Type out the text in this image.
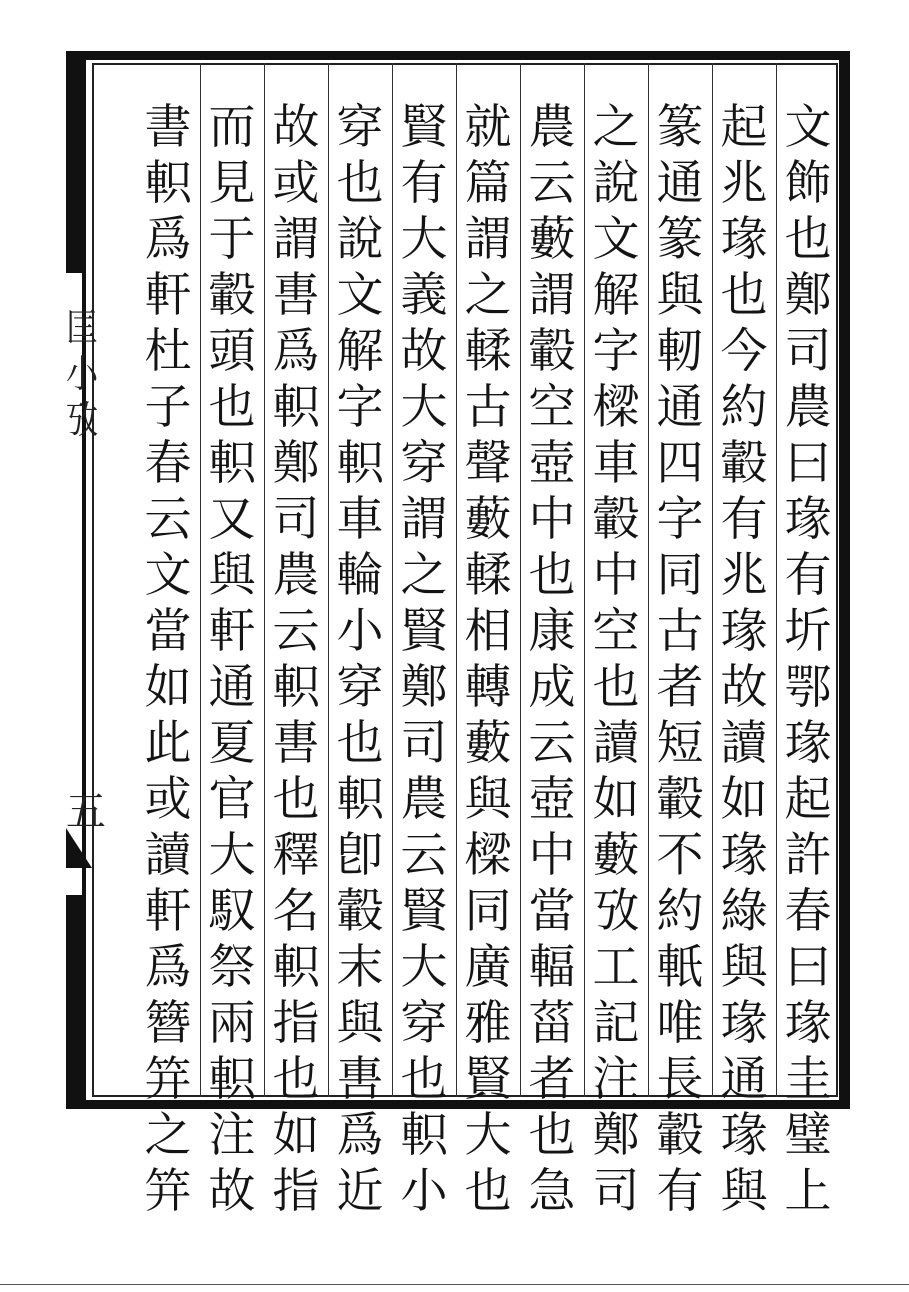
文
飾
也
鄭
司
農
曰
瑑
有
圻
鄂
瑑
起
許
春
曰
瑑
圭
璧
上
起
兆
瑑
也
今
約
轂
有
兆
瑑
故
讀
如
瑑
綠
與
瑑
通
瑑
與
篆
通
篆
與
軔
通
四
字
同
古
者
短
轂
不
約
軝
唯
長
轂
有
之
說
文
解
字
樑
車
轂
中
空
也
讀
如
藪
攷
工
記
注
鄭
司
農
云
藪
謂
轂
空
壺
中
也
康
成
云
壺
中
當
輻
菑
者
也
急
就
篇
謂
之
輮
古
聲
藪
輮
相
轉
藪
與
樑
同
廣
雅
賢
大
也
賢
有
大
義
故
大
穿
謂
之
賢
鄭
司
農
云
賢
大
穿
也
軹
小
穿
也
說
文
解
字
軹
車
輪
小
穿
也
軹
卽
轂
末
與
軎
爲
近
故
或
謂
軎
爲
軹
鄭
司
農
云
軹
軎
也
釋
名
軹
指
也
如
指
而
見
于
轂
頭
也
軹
又
與
軒
通
夏
官
大
馭
祭
兩
軹
注
故
書
軹
爲
軒
杜
子
春
云
文
當
如
此
或
讀
軒
爲
簪
笄
之
笄
匡
小
攷
五
